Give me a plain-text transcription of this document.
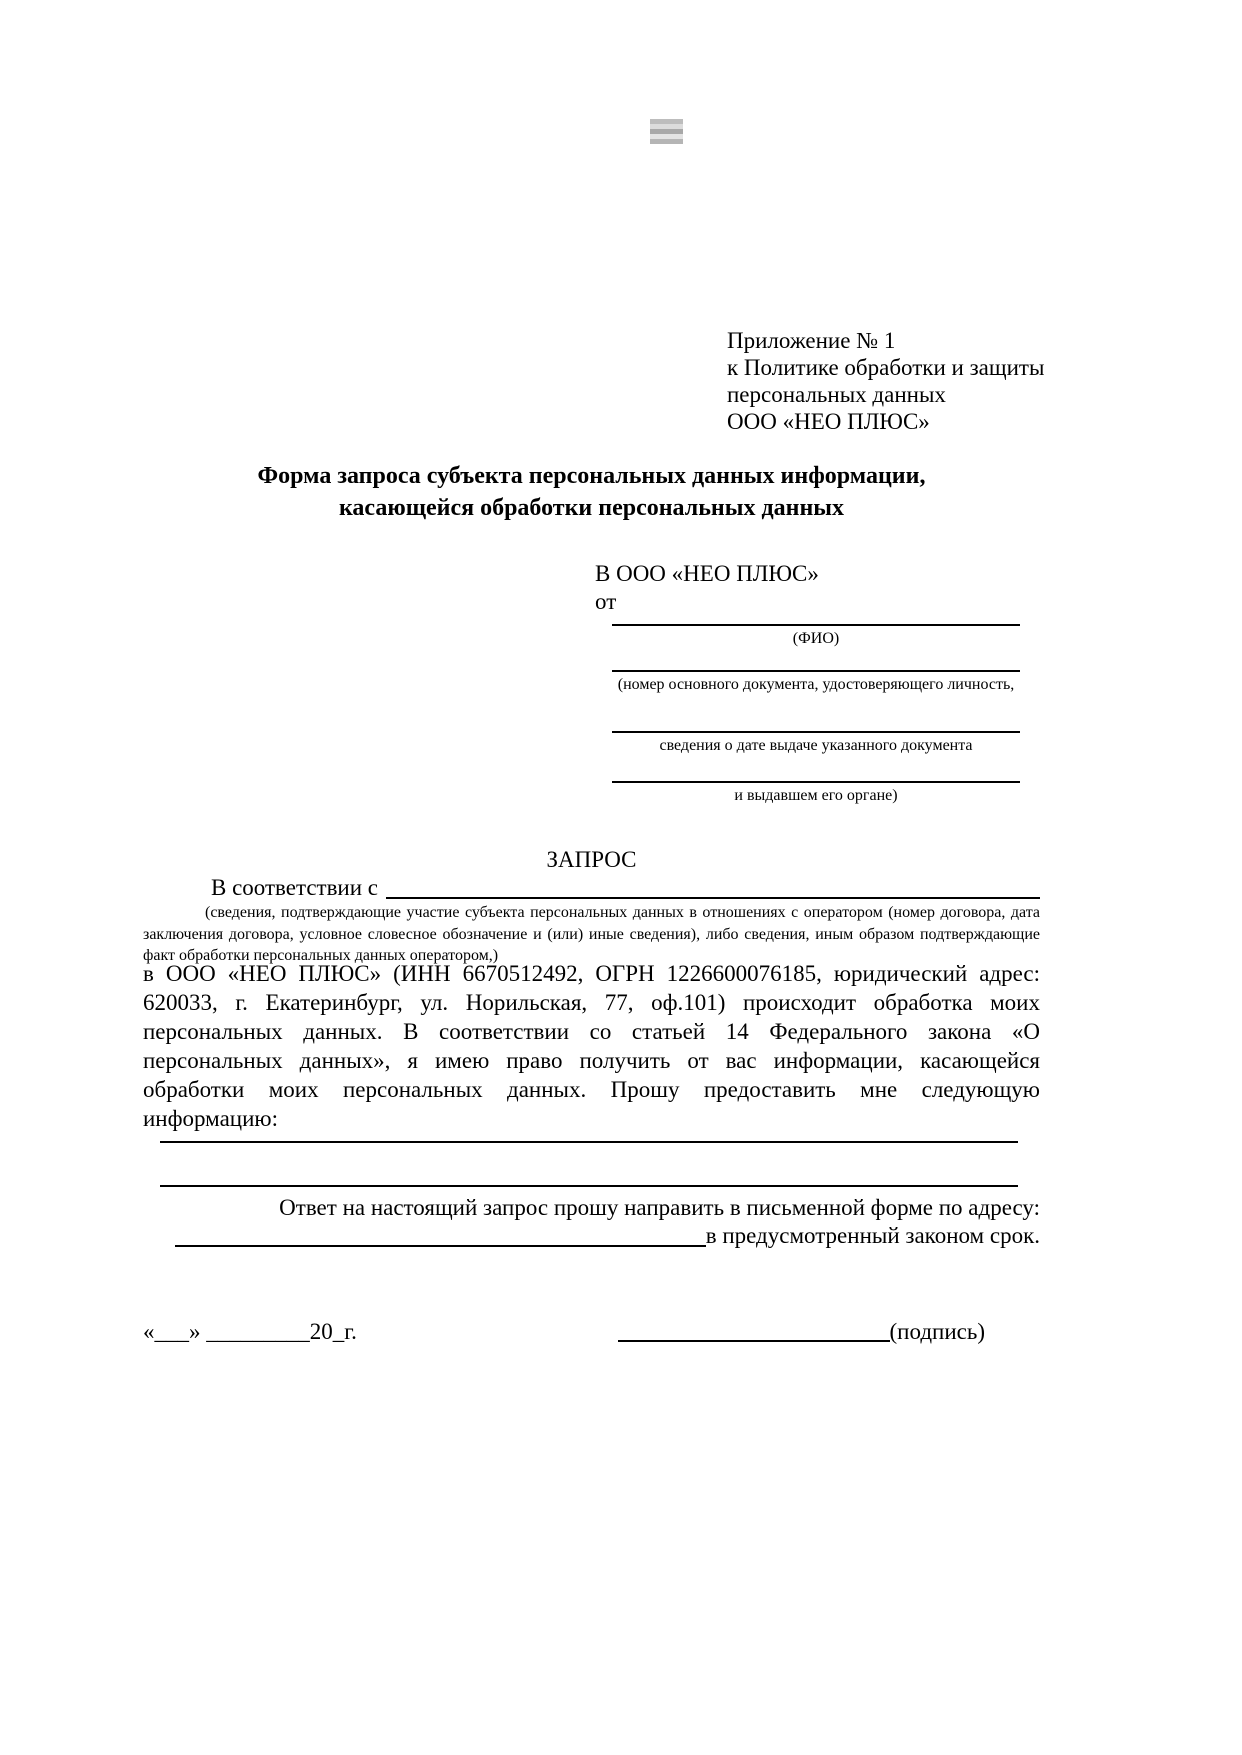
Приложение № 1
к Политике обработки и защиты
персональных данных
ООО «НЕО ПЛЮС»
Форма запроса субъекта персональных данных информации,
касающейся обработки персональных данных
В ООО «НЕО ПЛЮС»
от
(ФИО)
(номер основного документа, удостоверяющего личность,
сведения о дате выдаче указанного документа
и выдавшем его органе)
ЗАПРОС
В соответствии с
(сведения, подтверждающие участие субъекта персональных данных в отношениях с оператором (номер договора, дата заключения договора, условное словесное обозначение и (или) иные сведения), либо сведения, иным образом подтверждающие факт обработки персональных данных оператором,)
в ООО «НЕО ПЛЮС» (ИНН 6670512492, ОГРН 1226600076185, юридический адрес: 620033, г. Екатеринбург, ул. Норильская, 77, оф.101) происходит обработка моих персональных данных. В соответствии со статьей 14 Федерального закона «О персональных данных», я имею право получить от вас информации, касающейся обработки моих персональных данных. Прошу предоставить мне следующую информацию:
Ответ на настоящий запрос прошу направить в письменной форме по адресу:
в предусмотренный законом срок.
«___» _________20_г.	(подпись)
